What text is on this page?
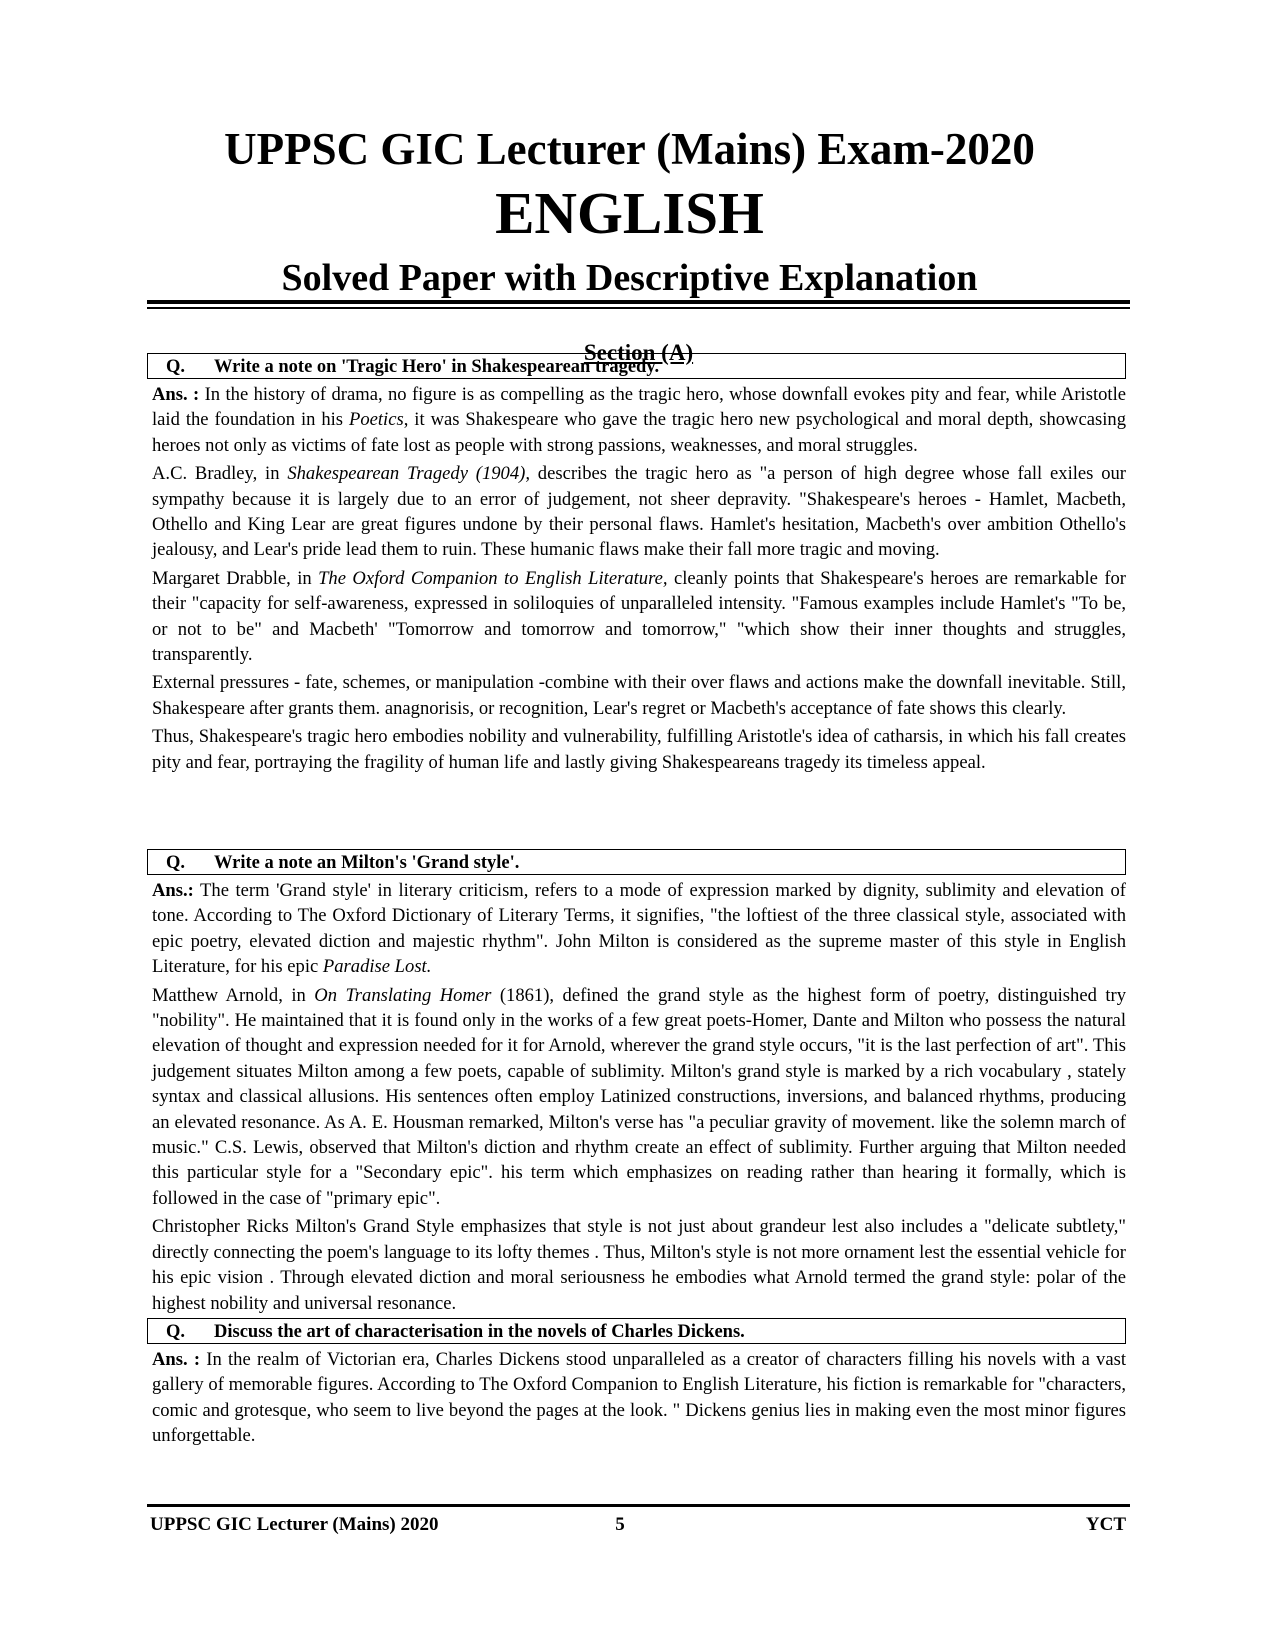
UPPSC GIC Lecturer (Mains) Exam-2020
ENGLISH
Solved Paper with Descriptive Explanation
Section (A)
Q. Write a note on 'Tragic Hero' in Shakespearean tragedy.

Ans. : In the history of drama, no figure is as compelling as the tragic hero, whose downfall evokes pity and fear, while Aristotle laid the foundation in his Poetics, it was Shakespeare who gave the tragic hero new psychological and moral depth, showcasing heroes not only as victims of fate lost as people with strong passions, weaknesses, and moral struggles.

A.C. Bradley, in Shakespearean Tragedy (1904), describes the tragic hero as "a person of high degree whose fall exiles our sympathy because it is largely due to an error of judgement, not sheer depravity. "Shakespeare's heroes - Hamlet, Macbeth, Othello and King Lear are great figures undone by their personal flaws. Hamlet's hesitation, Macbeth's over ambition Othello's jealousy, and Lear's pride lead them to ruin. These humanic flaws make their fall more tragic and moving.

Margaret Drabble, in The Oxford Companion to English Literature, cleanly points that Shakespeare's heroes are remarkable for their "capacity for self-awareness, expressed in soliloquies of unparalleled intensity. "Famous examples include Hamlet's "To be, or not to be" and Macbeth' "Tomorrow and tomorrow and tomorrow," "which show their inner thoughts and struggles, transparently.

External pressures - fate, schemes, or manipulation -combine with their over flaws and actions make the downfall inevitable. Still, Shakespeare after grants them. anagnorisis, or recognition, Lear's regret or Macbeth's acceptance of fate shows this clearly.

Thus, Shakespeare's tragic hero embodies nobility and vulnerability, fulfilling Aristotle's idea of catharsis, in which his fall creates pity and fear, portraying the fragility of human life and lastly giving Shakespeareans tragedy its timeless appeal.

Q. Write a note an Milton's 'Grand style'.

Ans.: The term 'Grand style' in literary criticism, refers to a mode of expression marked by dignity, sublimity and elevation of tone. According to The Oxford Dictionary of Literary Terms, it signifies, "the loftiest of the three classical style, associated with epic poetry, elevated diction and majestic rhythm". John Milton is considered as the supreme master of this style in English Literature, for his epic Paradise Lost.

Matthew Arnold, in On Translating Homer (1861), defined the grand style as the highest form of poetry, distinguished try "nobility". He maintained that it is found only in the works of a few great poets-Homer, Dante and Milton who possess the natural elevation of thought and expression needed for it for Arnold, wherever the grand style occurs, "it is the last perfection of art". This judgement situates Milton among a few poets, capable of sublimity. Milton's grand style is marked by a rich vocabulary , stately syntax and classical allusions. His sentences often employ Latinized constructions, inversions, and balanced rhythms, producing an elevated resonance. As A. E. Housman remarked, Milton's verse has "a peculiar gravity of movement. like the solemn march of music." C.S. Lewis, observed that Milton's diction and rhythm create an effect of sublimity. Further arguing that Milton needed this particular style for a "Secondary epic". his term which emphasizes on reading rather than hearing it formally, which is followed in the case of "primary epic".

Christopher Ricks Milton's Grand Style emphasizes that style is not just about grandeur lest also includes a "delicate subtlety," directly connecting the poem's language to its lofty themes . Thus, Milton's style is not more ornament lest the essential vehicle for his epic vision . Through elevated diction and moral seriousness he embodies what Arnold termed the grand style: polar of the highest nobility and universal resonance.

Q. Discuss the art of characterisation in the novels of Charles Dickens.

Ans. : In the realm of Victorian era, Charles Dickens stood unparalleled as a creator of characters filling his novels with a vast gallery of memorable figures. According to The Oxford Companion to English Literature, his fiction is remarkable for "characters, comic and grotesque, who seem to live beyond the pages at the look. " Dickens genius lies in making even the most minor figures unforgettable.

UPPSC GIC Lecturer (Mains) 2020	5	YCT
